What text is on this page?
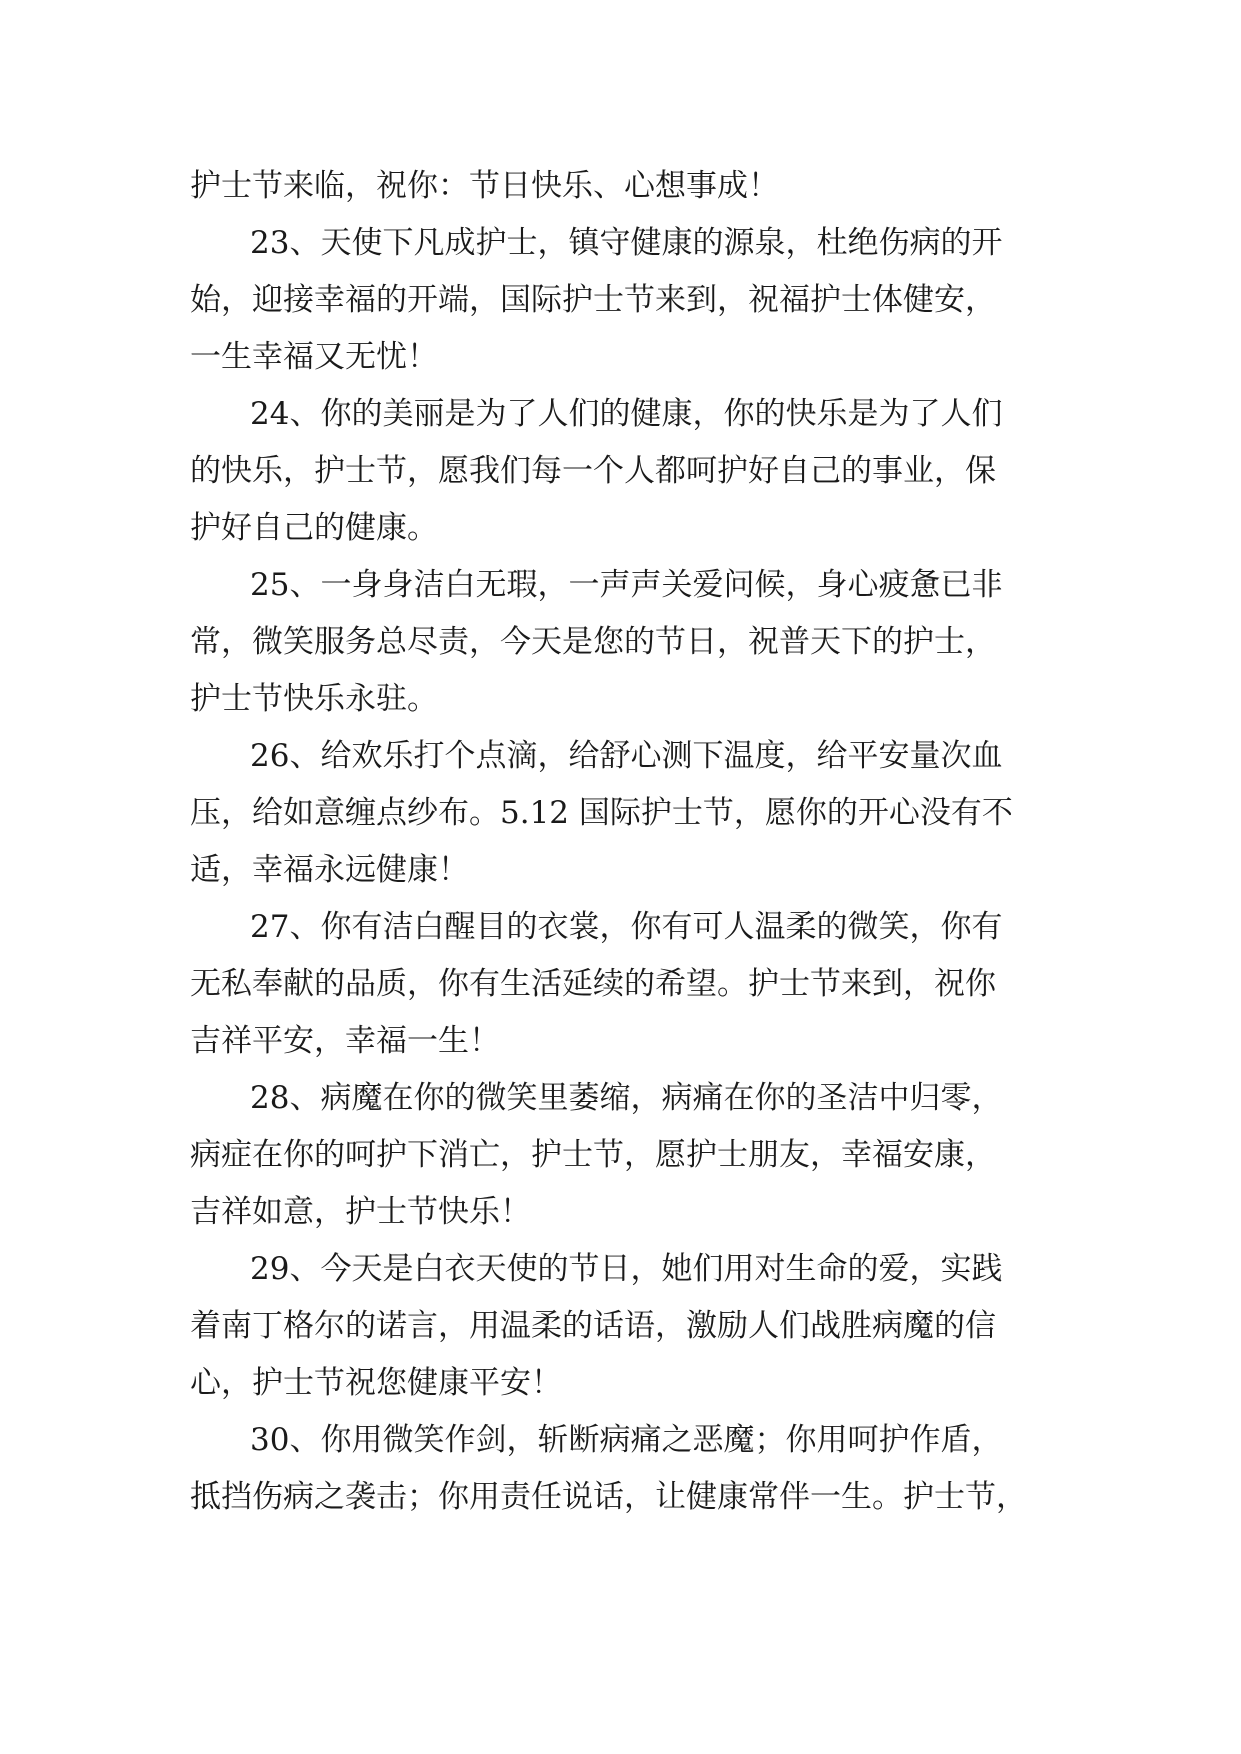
护士节来临，祝你：节日快乐、心想事成！
23、天使下凡成护士，镇守健康的源泉，杜绝伤病的开
始，迎接幸福的开端，国际护士节来到，祝福护士体健安，
一生幸福又无忧！
24、你的美丽是为了人们的健康，你的快乐是为了人们
的快乐，护士节，愿我们每一个人都呵护好自己的事业，保
护好自己的健康。
25、一身身洁白无瑕，一声声关爱问候，身心疲惫已非
常，微笑服务总尽责，今天是您的节日，祝普天下的护士，
护士节快乐永驻。
26、给欢乐打个点滴，给舒心测下温度，给平安量次血
压，给如意缠点纱布。5.12 国际护士节，愿你的开心没有不
适，幸福永远健康！
27、你有洁白醒目的衣裳，你有可人温柔的微笑，你有
无私奉献的品质，你有生活延续的希望。护士节来到，祝你
吉祥平安，幸福一生！
28、病魔在你的微笑里萎缩，病痛在你的圣洁中归零，
病症在你的呵护下消亡，护士节，愿护士朋友，幸福安康，
吉祥如意，护士节快乐！
29、今天是白衣天使的节日，她们用对生命的爱，实践
着南丁格尔的诺言，用温柔的话语，激励人们战胜病魔的信
心，护士节祝您健康平安！
30、你用微笑作剑，斩断病痛之恶魔；你用呵护作盾，
抵挡伤病之袭击；你用责任说话，让健康常伴一生。护士节，
